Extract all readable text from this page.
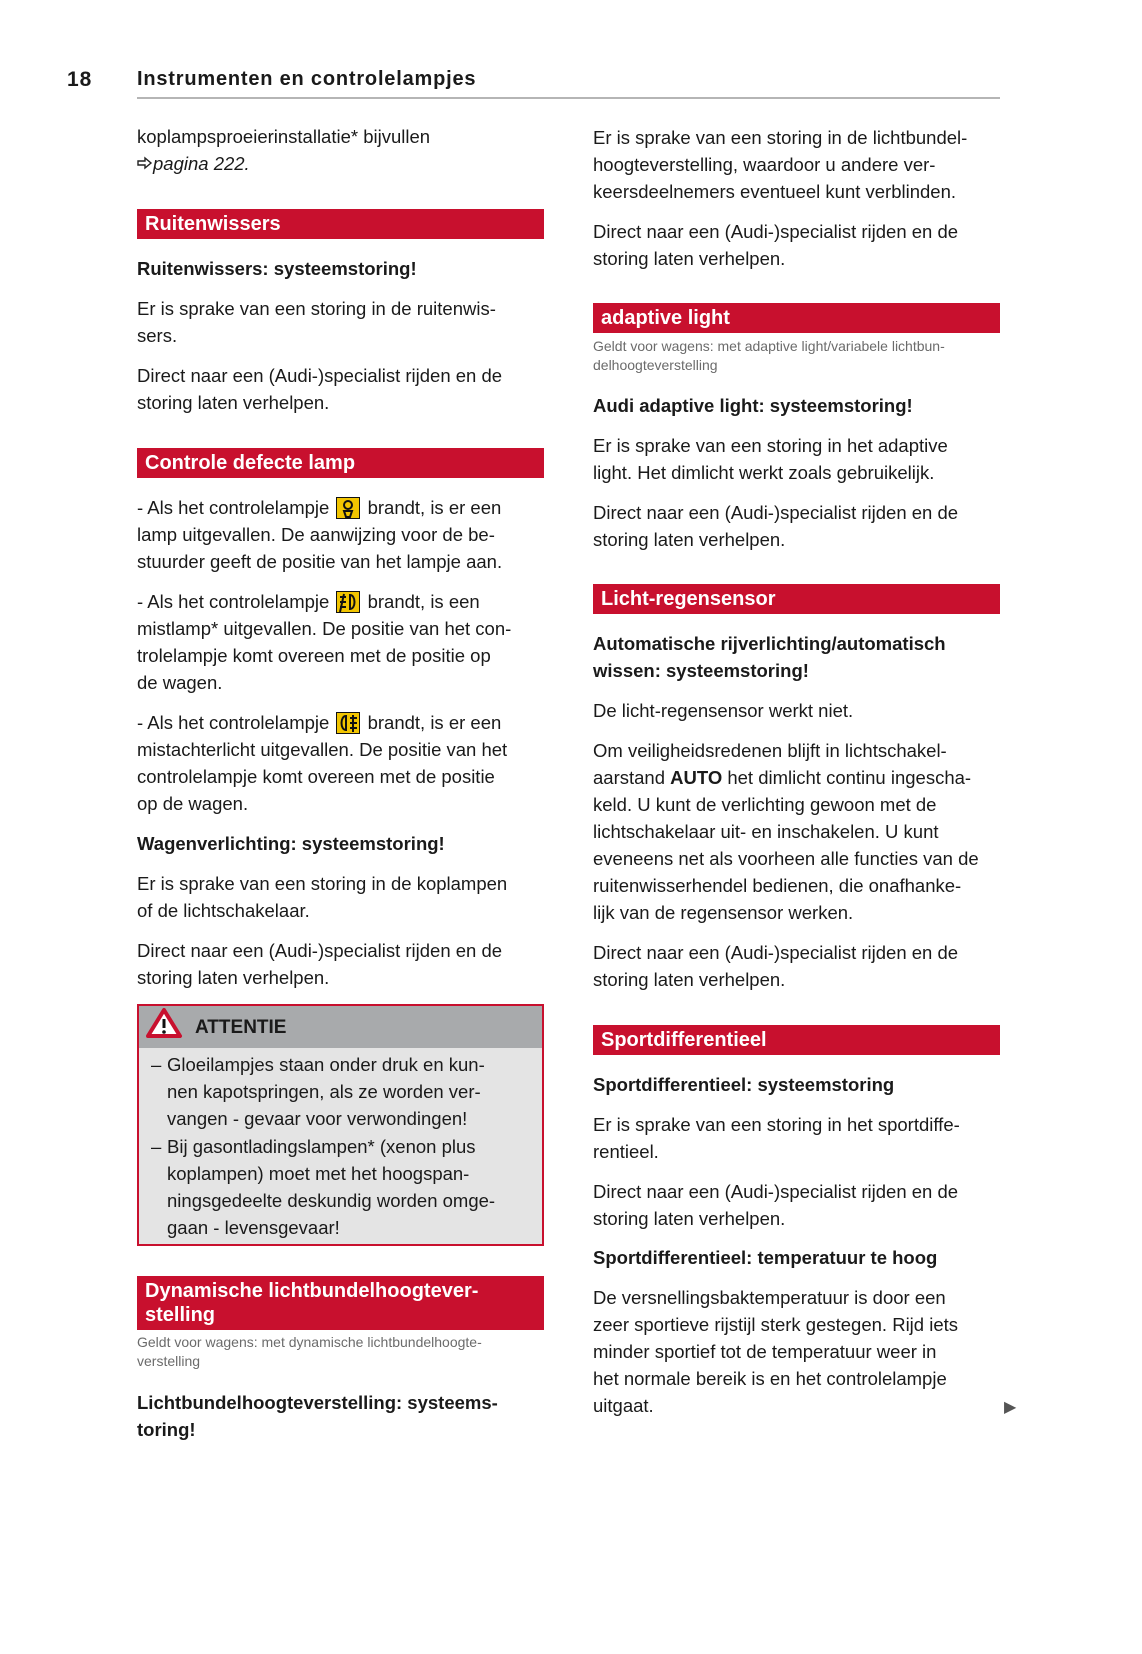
18 Instrumenten en controlelampjes
koplampsproeierinstallatie* bijvullen
pagina 222.
Ruitenwissers
Ruitenwissers: systeemstoring!
Er is sprake van een storing in de ruitenwis-
sers.
Direct naar een (Audi-)specialist rijden en de
storing laten verhelpen.
Controle defecte lamp
- Als het controlelampje  brandt, is er een
lamp uitgevallen. De aanwijzing voor de be-
stuurder geeft de positie van het lampje aan.
- Als het controlelampje  brandt, is een
mistlamp* uitgevallen. De positie van het con-
trolelampje komt overeen met de positie op
de wagen.
- Als het controlelampje  brandt, is er een
mistachterlicht uitgevallen. De positie van het
controlelampje komt overeen met de positie
op de wagen.
Wagenverlichting: systeemstoring!
Er is sprake van een storing in de koplampen
of de lichtschakelaar.
Direct naar een (Audi-)specialist rijden en de
storing laten verhelpen.
ATTENTIE
– Gloeilampjes staan onder druk en kun-
nen kapotspringen, als ze worden ver-
vangen - gevaar voor verwondingen!
– Bij gasontladingslampen* (xenon plus
koplampen) moet met het hoogspan-
ningsgedeelte deskundig worden omge-
gaan - levensgevaar!
Dynamische lichtbundelhoogtever-
stelling
Geldt voor wagens: met dynamische lichtbundelhoogte-
verstelling
Lichtbundelhoogteverstelling: systeems-
toring!
Er is sprake van een storing in de lichtbundel-
hoogteverstelling, waardoor u andere ver-
keersdeelnemers eventueel kunt verblinden.
Direct naar een (Audi-)specialist rijden en de
storing laten verhelpen.
adaptive light
Geldt voor wagens: met adaptive light/variabele lichtbun-
delhoogteverstelling
Audi adaptive light: systeemstoring!
Er is sprake van een storing in het adaptive
light. Het dimlicht werkt zoals gebruikelijk.
Direct naar een (Audi-)specialist rijden en de
storing laten verhelpen.
Licht-regensensor
Automatische rijverlichting/automatisch
wissen: systeemstoring!
De licht-regensensor werkt niet.
Om veiligheidsredenen blijft in lichtschakel-
aarstand AUTO het dimlicht continu ingescha-
keld. U kunt de verlichting gewoon met de
lichtschakelaar uit- en inschakelen. U kunt
eveneens net als voorheen alle functies van de
ruitenwisserhendel bedienen, die onafhanke-
lijk van de regensensor werken.
Direct naar een (Audi-)specialist rijden en de
storing laten verhelpen.
Sportdifferentieel
Sportdifferentieel: systeemstoring
Er is sprake van een storing in het sportdiffe-
rentieel.
Direct naar een (Audi-)specialist rijden en de
storing laten verhelpen.
Sportdifferentieel: temperatuur te hoog
De versnellingsbaktemperatuur is door een
zeer sportieve rijstijl sterk gestegen. Rijd iets
minder sportief tot de temperatuur weer in
het normale bereik is en het controlelampje
uitgaat.	▶
